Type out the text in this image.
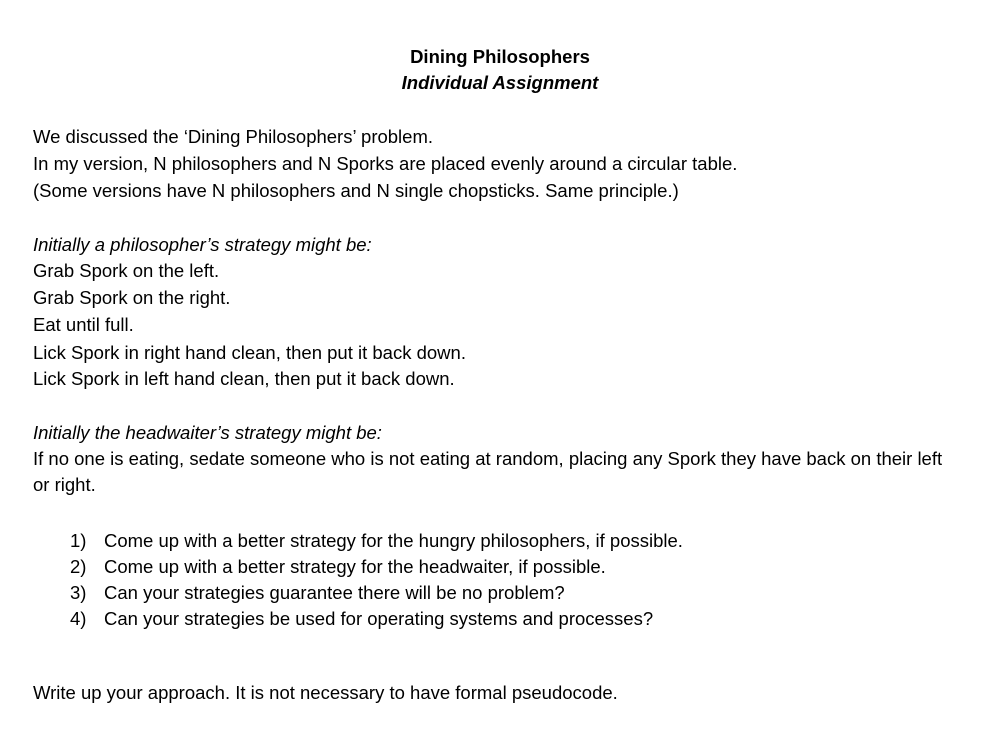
Dining Philosophers
Individual Assignment
We discussed the ‘Dining Philosophers’ problem.
In my version, N philosophers and N Sporks are placed evenly around a circular table.
(Some versions have N philosophers and N single chopsticks. Same principle.)
Initially a philosopher’s strategy might be:
Grab Spork on the left.
Grab Spork on the right.
Eat until full.
Lick Spork in right hand clean, then put it back down.
Lick Spork in left hand clean, then put it back down.
Initially the headwaiter’s strategy might be:
If no one is eating, sedate someone who is not eating at random, placing any Spork they have back on their left or right.
1) Come up with a better strategy for the hungry philosophers, if possible.
2) Come up with a better strategy for the headwaiter, if possible.
3) Can your strategies guarantee there will be no problem?
4) Can your strategies be used for operating systems and processes?
Write up your approach. It is not necessary to have formal pseudocode.
